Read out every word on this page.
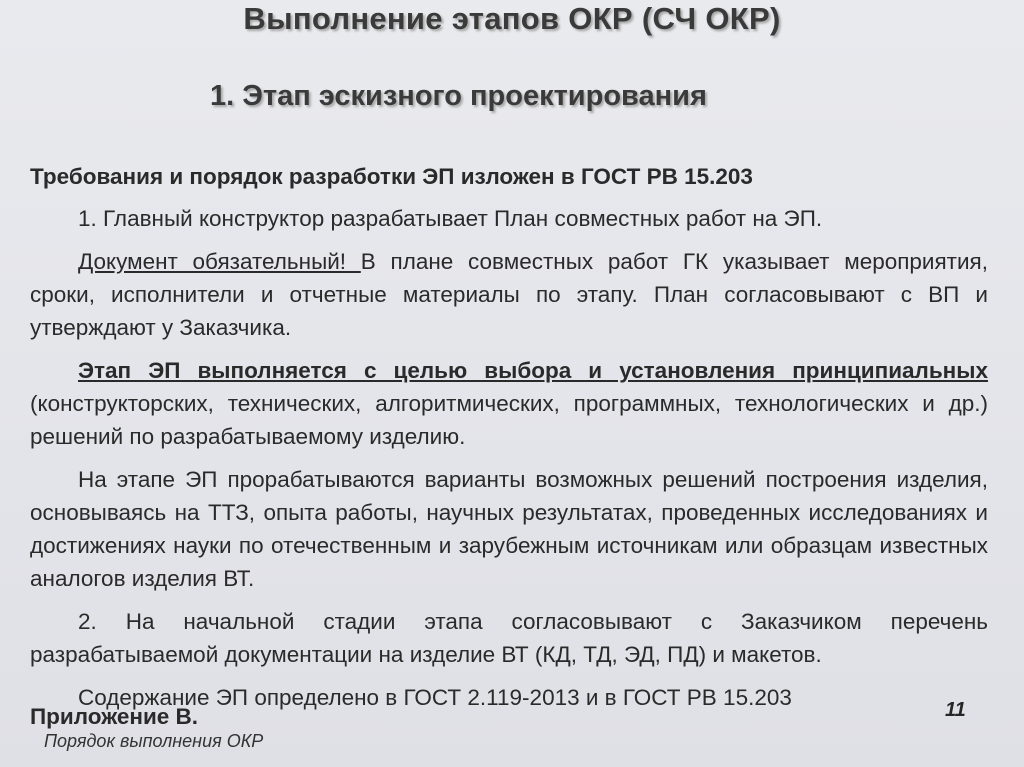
Выполнение этапов ОКР (СЧ ОКР)
1. Этап эскизного проектирования
Требования и порядок разработки ЭП изложен в ГОСТ РВ 15.203
1. Главный конструктор разрабатывает План совместных работ на ЭП.
Документ обязательный! В плане совместных работ ГК указывает мероприятия, сроки, исполнители и отчетные материалы по этапу. План согласовывают с ВП и утверждают у Заказчика.
Этап ЭП выполняется с целью выбора и установления принципиальных (конструкторских, технических, алгоритмических, программных, технологических и др.) решений по разрабатываемому изделию.
На этапе ЭП прорабатываются варианты возможных решений построения изделия, основываясь на ТТЗ, опыта работы, научных результатах, проведенных исследованиях и достижениях науки по отечественным и зарубежным источникам или образцам известных аналогов изделия ВТ.
2. На начальной стадии этапа согласовывают с Заказчиком перечень разрабатываемой документации на изделие ВТ (КД, ТД, ЭД, ПД) и макетов.
Содержание ЭП определено в ГОСТ 2.119-2013 и в ГОСТ РВ 15.203
Приложение В.	11
Порядок выполнения ОКР
